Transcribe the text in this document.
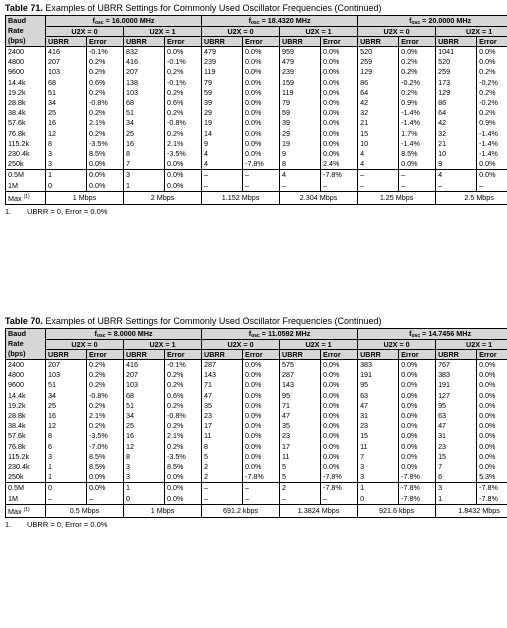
Table 71. Examples of UBRR Settings for Commonly Used Oscillator Frequencies (Continued)
Baud
Rate
(bps)	$f_{osc} = 16.0000$ MHz				$f_{osc} = 18.4320$ MHz				$f_{osc} = 20.0000$ MHz			
	U2X = 0		U2X = 1		U2X = 0		U2X = 1		U2X = 0		U2X = 1	
	UBRR	Error	UBRR	Error	UBRR	Error	UBRR	Error	UBRR	Error	UBRR	Error
2400	416	-0.1%	832	0.0%	479	0.0%	959	0.0%	520	0.0%	1041	0.0%
4800	207	0.2%	416	-0.1%	239	0.0%	479	0.0%	259	0.2%	520	0.0%
9600	103	0.2%	207	0.2%	119	0.0%	239	0.0%	129	0.2%	259	0.2%
14.4k	68	0.6%	138	-0.1%	79	0.0%	159	0.0%	86	-0.2%	173	-0.2%
19.2k	51	0.2%	103	0.2%	59	0.0%	119	0.0%	64	0.2%	129	0.2%
28.8k	34	-0.8%	68	0.6%	39	0.0%	79	0.0%	42	0.9%	86	-0.2%
38.4k	25	0.2%	51	0.2%	29	0.0%	59	0.0%	32	-1.4%	64	0.2%
57.6k	16	2.1%	34	-0.8%	19	0.0%	39	0.0%	21	-1.4%	42	0.9%
76.8k	12	0.2%	25	0.2%	14	0.0%	29	0.0%	15	1.7%	32	-1.4%
115.2k	8	-3.5%	16	2.1%	9	0.0%	19	0.0%	10	-1.4%	21	-1.4%
230.4k	3	8.5%	8	-3.5%	4	0.0%	9	0.0%	4	8.5%	10	-1.4%
250k	3	0.0%	7	0.0%	4	-7.8%	8	2.4%	4	0.0%	9	0.0%
0.5M	1	0.0%	3	0.0%	–	–	4	-7.8%	–	–	4	0.0%
1M	0	0.0%	1	0.0%	–	–	–	–	–	–	–	–
Max $^{(1)}$	1 Mbps		2 Mbps		1.152 Mbps		2.304 Mbps		1.25 Mbps		2.5 Mbps	
1. UBRR = 0, Error = 0.0%
Table 70. Examples of UBRR Settings for Commonly Used Oscillator Frequencies (Continued)
Baud
Rate
(bps)	$f_{osc} = 8.0000$ MHz				$f_{osc} = 11.0592$ MHz				$f_{osc} = 14.7456$ MHz			
	U2X = 0		U2X = 1		U2X = 0		U2X = 1		U2X = 0		U2X = 1	
	UBRR	Error	UBRR	Error	UBRR	Error	UBRR	Error	UBRR	Error	UBRR	Error
2400	207	0.2%	416	-0.1%	287	0.0%	575	0.0%	383	0.0%	767	0.0%
4800	103	0.2%	207	0.2%	143	0.0%	287	0.0%	191	0.0%	383	0.0%
9600	51	0.2%	103	0.2%	71	0.0%	143	0.0%	95	0.0%	191	0.0%
14.4k	34	-0.8%	68	0.6%	47	0.0%	95	0.0%	63	0.0%	127	0.0%
19.2k	25	0.2%	51	0.2%	35	0.0%	71	0.0%	47	0.0%	95	0.0%
28.8k	16	2.1%	34	-0.8%	23	0.0%	47	0.0%	31	0.0%	63	0.0%
38.4k	12	0.2%	25	0.2%	17	0.0%	35	0.0%	23	0.0%	47	0.0%
57.6k	8	-3.5%	16	2.1%	11	0.0%	23	0.0%	15	0.0%	31	0.0%
76.8k	6	-7.0%	12	0.2%	8	0.0%	17	0.0%	11	0.0%	23	0.0%
115.2k	3	8.5%	8	-3.5%	5	0.0%	11	0.0%	7	0.0%	15	0.0%
230.4k	1	8.5%	3	8.5%	2	0.0%	5	0.0%	3	0.0%	7	0.0%
250k	1	0.0%	3	0.0%	2	-7.8%	5	-7.8%	3	-7.8%	6	5.3%
0.5M	0	0.0%	1	0.0%	–	–	2	-7.8%	1	-7.8%	3	-7.8%
1M	–	–	0	0.0%	–	–	–	–	0	-7.8%	1	-7.8%
Max $^{(1)}$	0.5 Mbps		1 Mbps		691.2 kbps		1.3824 Mbps		921.6 kbps		1.8432 Mbps	
1. UBRR = 0, Error = 0.0%
